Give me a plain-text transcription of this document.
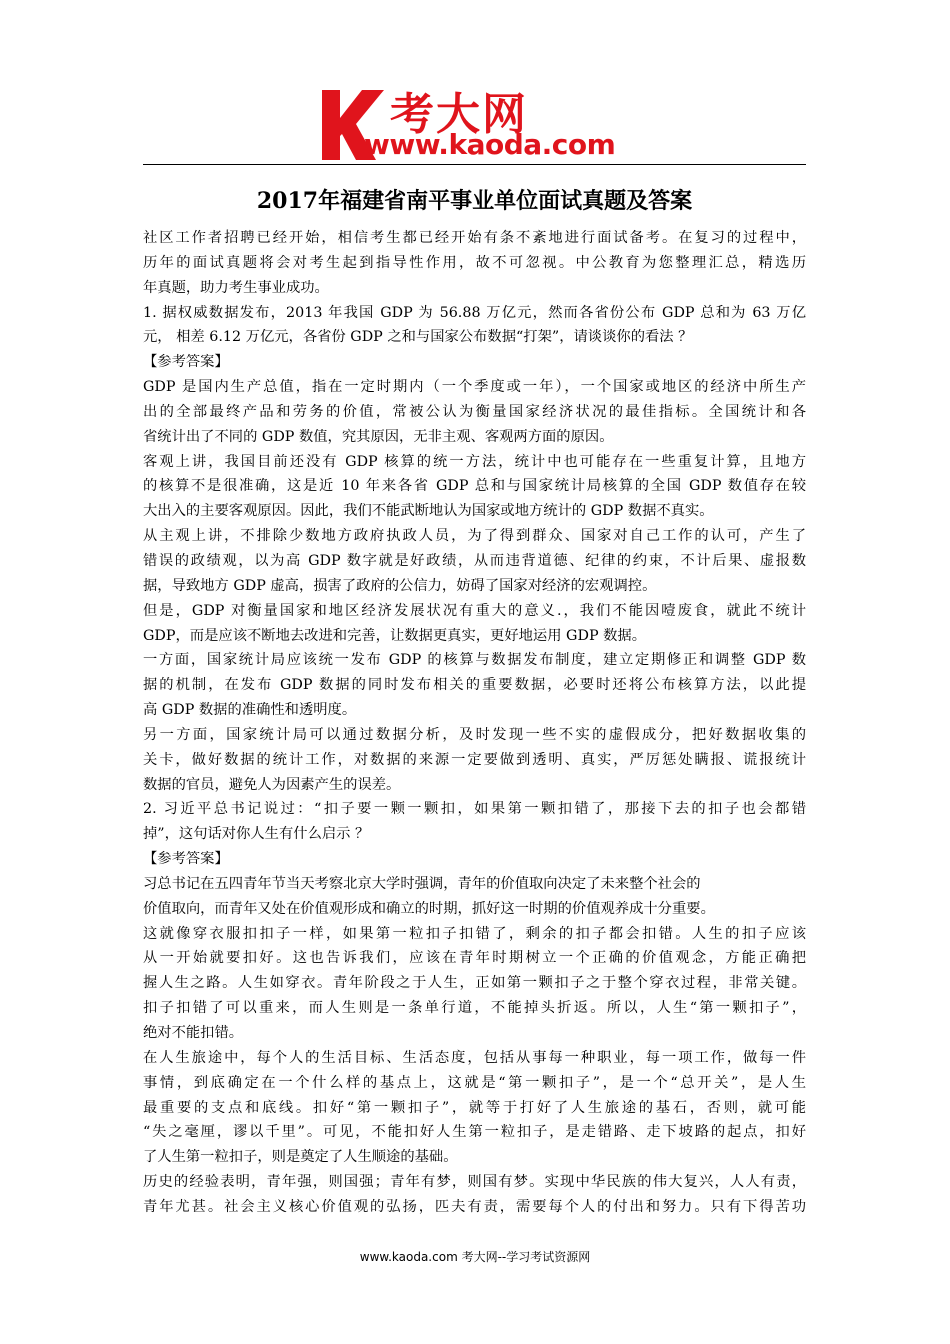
考大网
www.kaoda.com
2017年福建省南平事业单位面试真题及答案
社区工作者招聘已经开始，相信考生都已经开始有条不紊地进行面试备考。在复习的过程中，
历年的面试真题将会对考生起到指导性作用，故不可忽视。中公教育为您整理汇总，精选历
年真题，助力考生事业成功。
1. 据权威数据发布，2013 年我国 GDP 为 56.88 万亿元，然而各省份公布 GDP 总和为 63 万亿
元， 相差 6.12 万亿元，各省份 GDP 之和与国家公布数据“打架”，请谈谈你的看法 ？
【参考答案】
GDP 是国内生产总值，指在一定时期内（一个季度或一年），一个国家或地区的经济中所生产
出的全部最终产品和劳务的价值，常被公认为衡量国家经济状况的最佳指标。全国统计和各
省统计出了不同的 GDP 数值，究其原因，无非主观、客观两方面的原因。
客观上讲，我国目前还没有 GDP 核算的统一方法，统计中也可能存在一些重复计算，且地方
的核算不是很准确，这是近 10 年来各省 GDP 总和与国家统计局核算的全国 GDP 数值存在较
大出入的主要客观原因。因此，我们不能武断地认为国家或地方统计的 GDP 数据不真实。
从主观上讲，不排除少数地方政府执政人员，为了得到群众、国家对自己工作的认可，产生了
错误的政绩观，以为高 GDP 数字就是好政绩，从而违背道德、纪律的约束，不计后果、虚报数
据，导致地方 GDP 虚高，损害了政府的公信力，妨碍了国家对经济的宏观调控。
但是，GDP 对衡量国家和地区经济发展状况有重大的意义.，我们不能因噎废食，就此不统计
GDP，而是应该不断地去改进和完善，让数据更真实，更好地运用 GDP 数据。
一方面，国家统计局应该统一发布 GDP 的核算与数据发布制度，建立定期修正和调整 GDP 数
据的机制，在发布 GDP 数据的同时发布相关的重要数据，必要时还将公布核算方法，以此提
高 GDP 数据的准确性和透明度。
另一方面，国家统计局可以通过数据分析，及时发现一些不实的虚假成分，把好数据收集的
关卡，做好数据的统计工作，对数据的来源一定要做到透明、真实，严厉惩处瞒报、谎报统计
数据的官员，避免人为因素产生的误差。
2. 习近平总书记说过：“扣子要一颗一颗扣，如果第一颗扣错了，那接下去的扣子也会都错
掉”，这句话对你人生有什么启示 ？
【参考答案】
习总书记在五四青年节当天考察北京大学时强调，青年的价值取向决定了未来整个社会的
价值取向，而青年又处在价值观形成和确立的时期，抓好这一时期的价值观养成十分重要。
这就像穿衣服扣扣子一样，如果第一粒扣子扣错了，剩余的扣子都会扣错。人生的扣子应该
从一开始就要扣好。这也告诉我们，应该在青年时期树立一个正确的价值观念，方能正确把
握人生之路。人生如穿衣。青年阶段之于人生，正如第一颗扣子之于整个穿衣过程，非常关键。
扣子扣错了可以重来，而人生则是一条单行道，不能掉头折返。所以，人生“第一颗扣子”，
绝对不能扣错。
在人生旅途中，每个人的生活目标、生活态度，包括从事每一种职业，每一项工作，做每一件
事情，到底确定在一个什么样的基点上，这就是“第一颗扣子”，是一个“总开关”，是人生
最重要的支点和底线。扣好“第一颗扣子”，就等于打好了人生旅途的基石，否则，就可能
“失之毫厘，谬以千里”。可见，不能扣好人生第一粒扣子，是走错路、走下坡路的起点，扣好
了人生第一粒扣子，则是奠定了人生顺途的基础。
历史的经验表明，青年强，则国强；青年有梦，则国有梦。实现中华民族的伟大复兴，人人有责，
青年尤甚。社会主义核心价值观的弘扬，匹夫有责，需要每个人的付出和努力。只有下得苦功
www.kaoda.com 考大网--学习考试资源网
